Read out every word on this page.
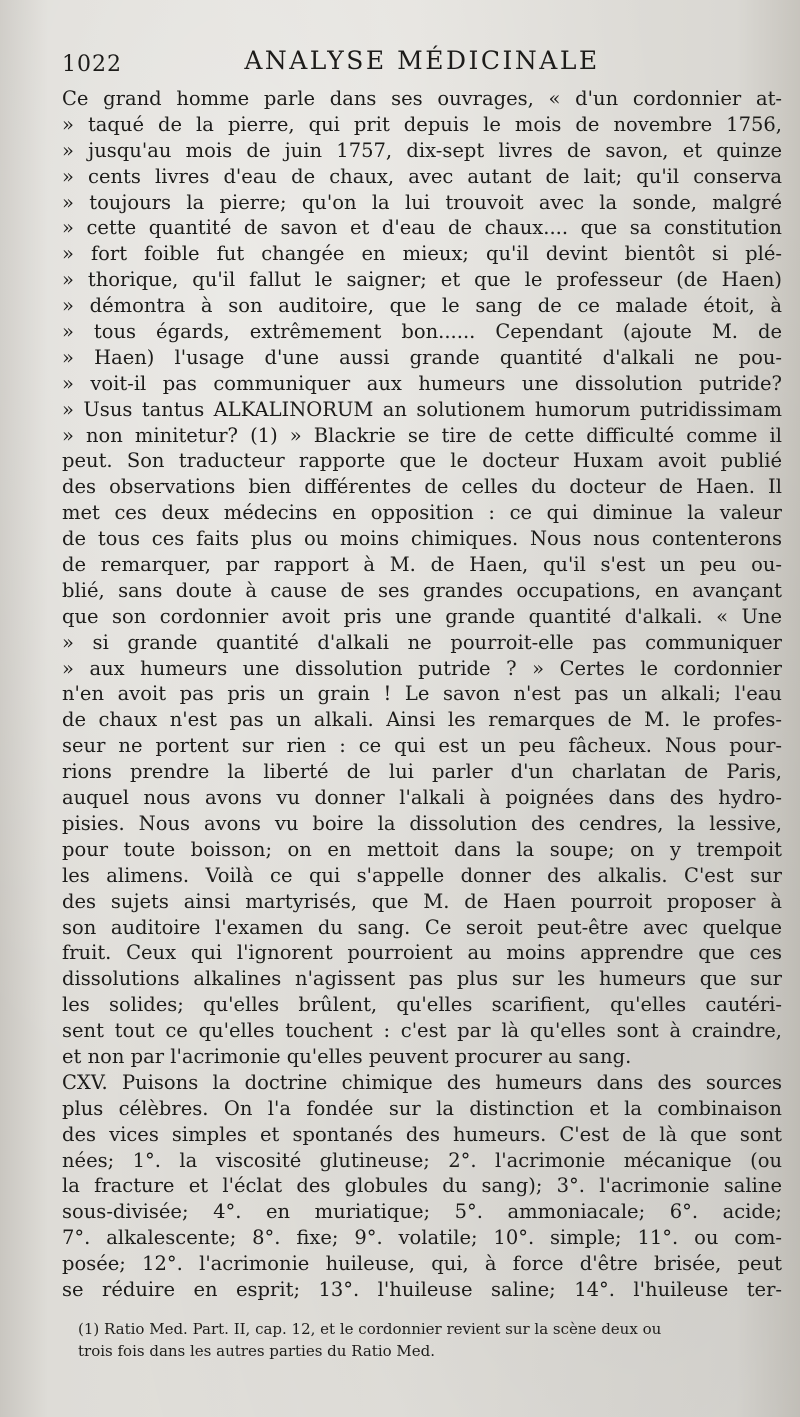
1022	ANALYSE MÉDICINALE
Ce grand homme parle dans ses ouvrages, « d'un cordonnier at-
» taqué de la pierre, qui prit depuis le mois de novembre 1756,
» jusqu'au mois de juin 1757, dix-sept livres de savon, et quinze
» cents livres d'eau de chaux, avec autant de lait; qu'il conserva
» toujours la pierre; qu'on la lui trouvoit avec la sonde, malgré
» cette quantité de savon et d'eau de chaux.... que sa constitution
» fort foible fut changée en mieux; qu'il devint bientôt si plé-
» thorique, qu'il fallut le saigner; et que le professeur (de Haen)
» démontra à son auditoire, que le sang de ce malade étoit, à
» tous égards, extrêmement bon...... Cependant (ajoute M. de
» Haen) l'usage d'une aussi grande quantité d'alkali ne pou-
» voit-il pas communiquer aux humeurs une dissolution putride?
» Usus tantus ALKALINORUM an solutionem humorum putridissimam
» non minitetur? (1) » Blackrie se tire de cette difficulté comme il
peut. Son traducteur rapporte que le docteur Huxam avoit publié
des observations bien différentes de celles du docteur de Haen. Il
met ces deux médecins en opposition : ce qui diminue la valeur
de tous ces faits plus ou moins chimiques. Nous nous contenterons
de remarquer, par rapport à M. de Haen, qu'il s'est un peu ou-
blié, sans doute à cause de ses grandes occupations, en avançant
que son cordonnier avoit pris une grande quantité d'alkali. « Une
» si grande quantité d'alkali ne pourroit-elle pas communiquer
» aux humeurs une dissolution putride ? » Certes le cordonnier
n'en avoit pas pris un grain ! Le savon n'est pas un alkali; l'eau
de chaux n'est pas un alkali. Ainsi les remarques de M. le profes-
seur ne portent sur rien : ce qui est un peu fâcheux. Nous pour-
rions prendre la liberté de lui parler d'un charlatan de Paris,
auquel nous avons vu donner l'alkali à poignées dans des hydro-
pisies. Nous avons vu boire la dissolution des cendres, la lessive,
pour toute boisson; on en mettoit dans la soupe; on y trempoit
les alimens. Voilà ce qui s'appelle donner des alkalis. C'est sur
des sujets ainsi martyrisés, que M. de Haen pourroit proposer à
son auditoire l'examen du sang. Ce seroit peut-être avec quelque
fruit. Ceux qui l'ignorent pourroient au moins apprendre que ces
dissolutions alkalines n'agissent pas plus sur les humeurs que sur
les solides; qu'elles brûlent, qu'elles scarifient, qu'elles cautéri-
sent tout ce qu'elles touchent : c'est par là qu'elles sont à craindre,
et non par l'acrimonie qu'elles peuvent procurer au sang.
CXV. Puisons la doctrine chimique des humeurs dans des sources
plus célèbres. On l'a fondée sur la distinction et la combinaison
des vices simples et spontanés des humeurs. C'est de là que sont
nées; 1°. la viscosité glutineuse; 2°. l'acrimonie mécanique (ou
la fracture et l'éclat des globules du sang); 3°. l'acrimonie saline
sous-divisée; 4°. en muriatique; 5°. ammoniacale; 6°. acide;
7°. alkalescente; 8°. fixe; 9°. volatile; 10°. simple; 11°. ou com-
posée; 12°. l'acrimonie huileuse, qui, à force d'être brisée, peut
se réduire en esprit; 13°. l'huileuse saline; 14°. l'huileuse ter-
(1) Ratio Med. Part. II, cap. 12, et le cordonnier revient sur la scène deux ou
trois fois dans les autres parties du Ratio Med.
